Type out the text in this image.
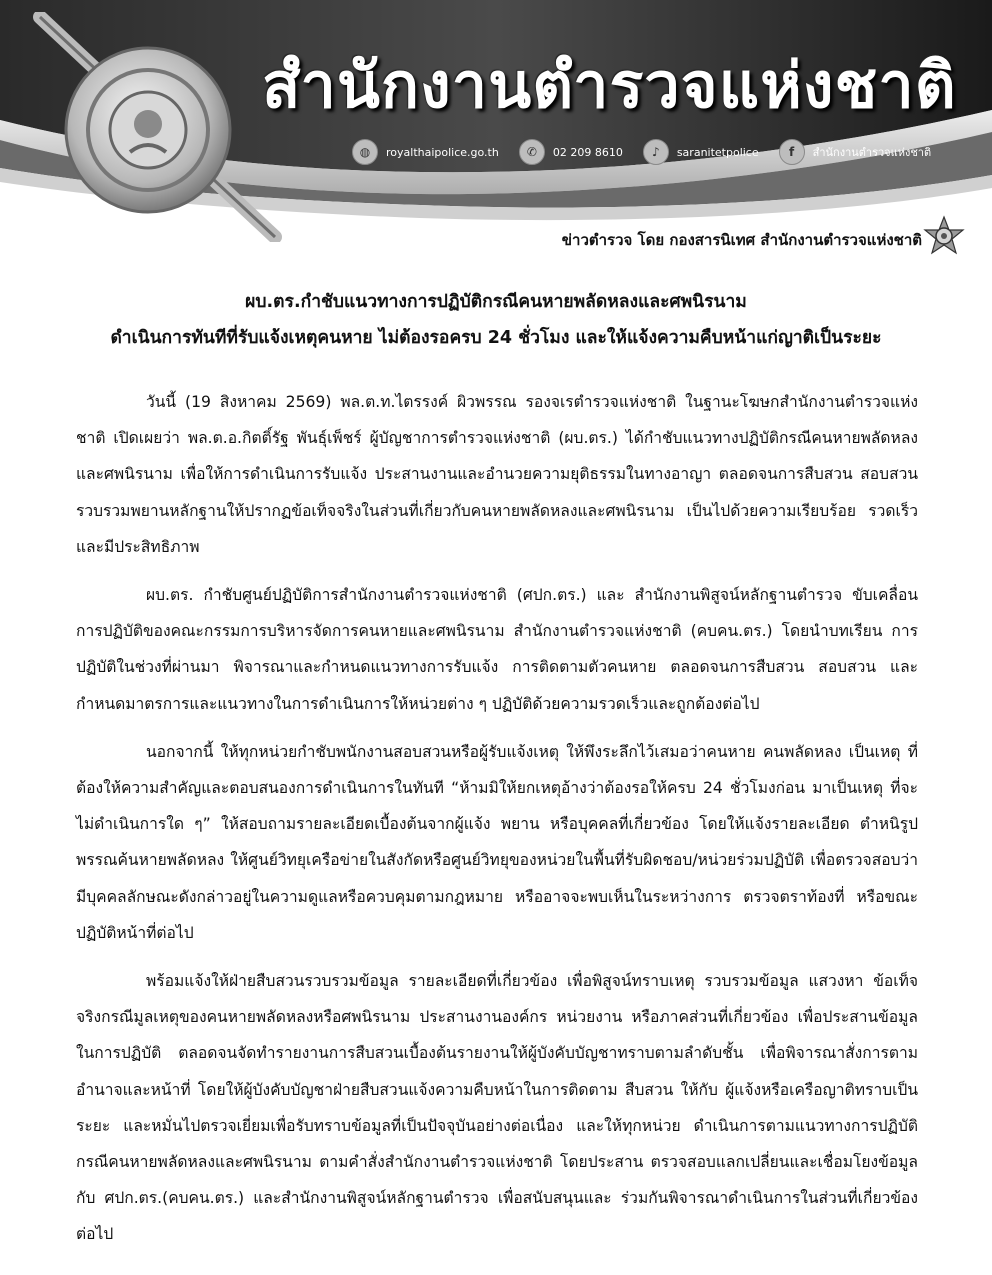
สำนักงานตำรวจแห่งชาติ
◍	royalthaipolice.go.th	✆	02 209 8610	♪	saranitetpolice	f	สำนักงานตำรวจแห่งชาติ
ข่าวตำรวจ โดย กองสารนิเทศ สำนักงานตำรวจแห่งชาติ
ผบ.ตร.กำชับแนวทางการปฏิบัติกรณีคนหายพลัดหลงและศพนิรนาม
ดำเนินการทันทีที่รับแจ้งเหตุคนหาย ไม่ต้องรอครบ 24 ชั่วโมง และให้แจ้งความคืบหน้าแก่ญาติเป็นระยะ

วันนี้ (19 สิงหาคม 2569) พล.ต.ท.ไตรรงค์ ผิวพรรณ รองจเรตำรวจแห่งชาติ ในฐานะโฆษกสำนักงานตำรวจแห่งชาติ เปิดเผยว่า พล.ต.อ.กิตติ์รัฐ พันธุ์เพ็ชร์ ผู้บัญชาการตำรวจแห่งชาติ (ผบ.ตร.) ได้กำชับแนวทางปฏิบัติกรณีคนหายพลัดหลง และศพนิรนาม เพื่อให้การดำเนินการรับแจ้ง ประสานงานและอำนวยความยุติธรรมในทางอาญา ตลอดจนการสืบสวน สอบสวน รวบรวมพยานหลักฐานให้ปรากฏข้อเท็จจริงในส่วนที่เกี่ยวกับคนหายพลัดหลงและศพนิรนาม เป็นไปด้วยความเรียบร้อย รวดเร็ว และมีประสิทธิภาพ

ผบ.ตร. กำชับศูนย์ปฏิบัติการสำนักงานตำรวจแห่งชาติ (ศปก.ตร.) และ สำนักงานพิสูจน์หลักฐานตำรวจ ขับเคลื่อน การปฏิบัติของคณะกรรมการบริหารจัดการคนหายและศพนิรนาม สำนักงานตำรวจแห่งชาติ (คบคน.ตร.) โดยนำบทเรียน การปฏิบัติในช่วงที่ผ่านมา พิจารณาและกำหนดแนวทางการรับแจ้ง การติดตามตัวคนหาย ตลอดจนการสืบสวน สอบสวน และกำหนดมาตรการและแนวทางในการดำเนินการให้หน่วยต่าง ๆ ปฏิบัติด้วยความรวดเร็วและถูกต้องต่อไป

นอกจากนี้ ให้ทุกหน่วยกำชับพนักงานสอบสวนหรือผู้รับแจ้งเหตุ ให้พึงระลึกไว้เสมอว่าคนหาย คนพลัดหลง เป็นเหตุ ที่ต้องให้ความสำคัญและตอบสนองการดำเนินการในทันที “ห้ามมิให้ยกเหตุอ้างว่าต้องรอให้ครบ 24 ชั่วโมงก่อน มาเป็นเหตุ ที่จะไม่ดำเนินการใด ๆ” ให้สอบถามรายละเอียดเบื้องต้นจากผู้แจ้ง พยาน หรือบุคคลที่เกี่ยวข้อง โดยให้แจ้งรายละเอียด ตำหนิรูปพรรณค้นหายพลัดหลง ให้ศูนย์วิทยุเครือข่ายในสังกัดหรือศูนย์วิทยุของหน่วยในพื้นที่รับผิดชอบ/หน่วยร่วมปฏิบัติ เพื่อตรวจสอบว่ามีบุคคลลักษณะดังกล่าวอยู่ในความดูแลหรือควบคุมตามกฎหมาย หรืออาจจะพบเห็นในระหว่างการ ตรวจตราท้องที่ หรือขณะปฏิบัติหน้าที่ต่อไป

พร้อมแจ้งให้ฝ่ายสืบสวนรวบรวมข้อมูล รายละเอียดที่เกี่ยวข้อง เพื่อพิสูจน์ทราบเหตุ รวบรวมข้อมูล แสวงหา ข้อเท็จจริงกรณีมูลเหตุของคนหายพลัดหลงหรือศพนิรนาม ประสานงานองค์กร หน่วยงาน หรือภาคส่วนที่เกี่ยวข้อง เพื่อประสานข้อมูลในการปฏิบัติ ตลอดจนจัดทำรายงานการสืบสวนเบื้องต้นรายงานให้ผู้บังคับบัญชาทราบตามลำดับชั้น เพื่อพิจารณาสั่งการตามอำนาจและหน้าที่ โดยให้ผู้บังคับบัญชาฝ่ายสืบสวนแจ้งความคืบหน้าในการติดตาม สืบสวน ให้กับ ผู้แจ้งหรือเครือญาติทราบเป็นระยะ และหมั่นไปตรวจเยี่ยมเพื่อรับทราบข้อมูลที่เป็นปัจจุบันอย่างต่อเนื่อง และให้ทุกหน่วย ดำเนินการตามแนวทางการปฏิบัติกรณีคนหายพลัดหลงและศพนิรนาม ตามคำสั่งสำนักงานตำรวจแห่งชาติ โดยประสาน ตรวจสอบแลกเปลี่ยนและเชื่อมโยงข้อมูลกับ ศปก.ตร.(คบคน.ตร.) และสำนักงานพิสูจน์หลักฐานตำรวจ เพื่อสนับสนุนและ ร่วมกันพิจารณาดำเนินการในส่วนที่เกี่ยวข้องต่อไป
